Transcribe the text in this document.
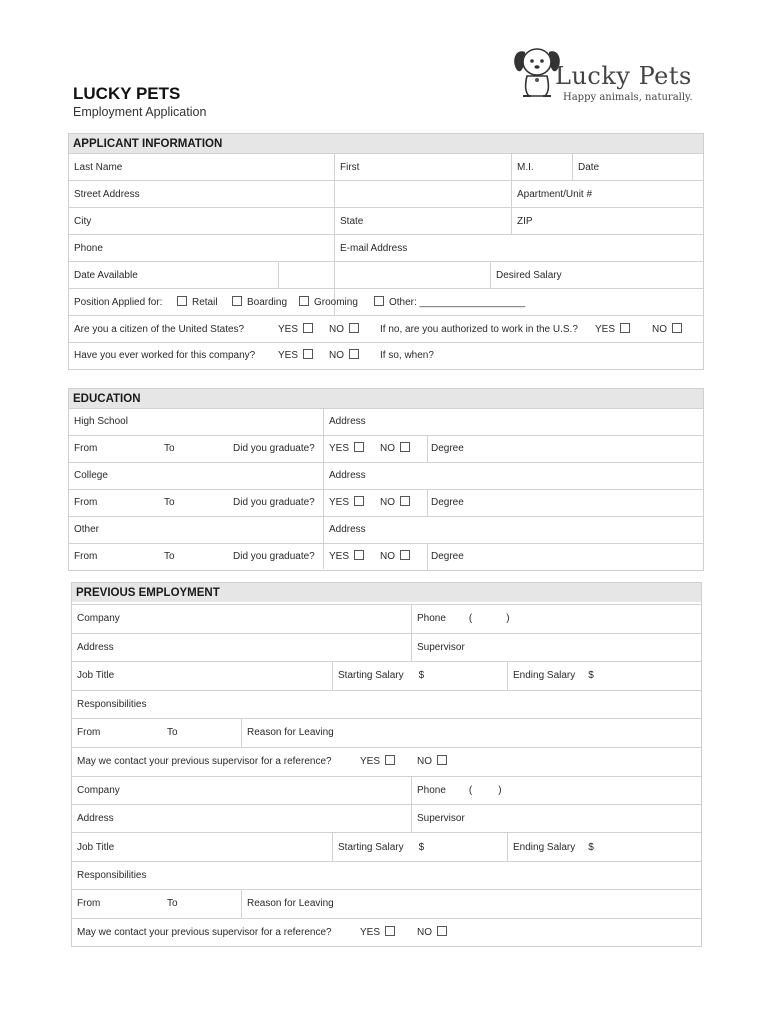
LUCKY PETS
Employment Application
Lucky Pets
Happy animals, naturally.
APPLICANT INFORMATION
Last Name	First	M.I.	Date
Street Address	Apartment/Unit #
City	State	ZIP
Phone	E-mail Address
Date Available	Desired Salary
Position Applied for:	Retail	Boarding	Grooming	Other: ___________________
Are you a citizen of the United States?	YES	NO	If no, are you authorized to work in the U.S.? YES	NO
Have you ever worked for this company? YES	NO	If so, when?
EDUCATION
High School	Address
From	To	Did you graduate? YES	NO	Degree
College	Address
From	To	Did you graduate? YES	NO	Degree
Other	Address
From	To	Did you graduate? YES	NO	Degree
PREVIOUS EMPLOYMENT
Company	Phone (	)
Address	Supervisor
Job Title	Starting Salary $	Ending Salary $
Responsibilities
From	To	Reason for Leaving
May we contact your previous supervisor for a reference?	YES	NO
Company	Phone (	)
Address	Supervisor
Job Title	Starting Salary $	Ending Salary $
Responsibilities
From	To	Reason for Leaving
May we contact your previous supervisor for a reference?	YES	NO
